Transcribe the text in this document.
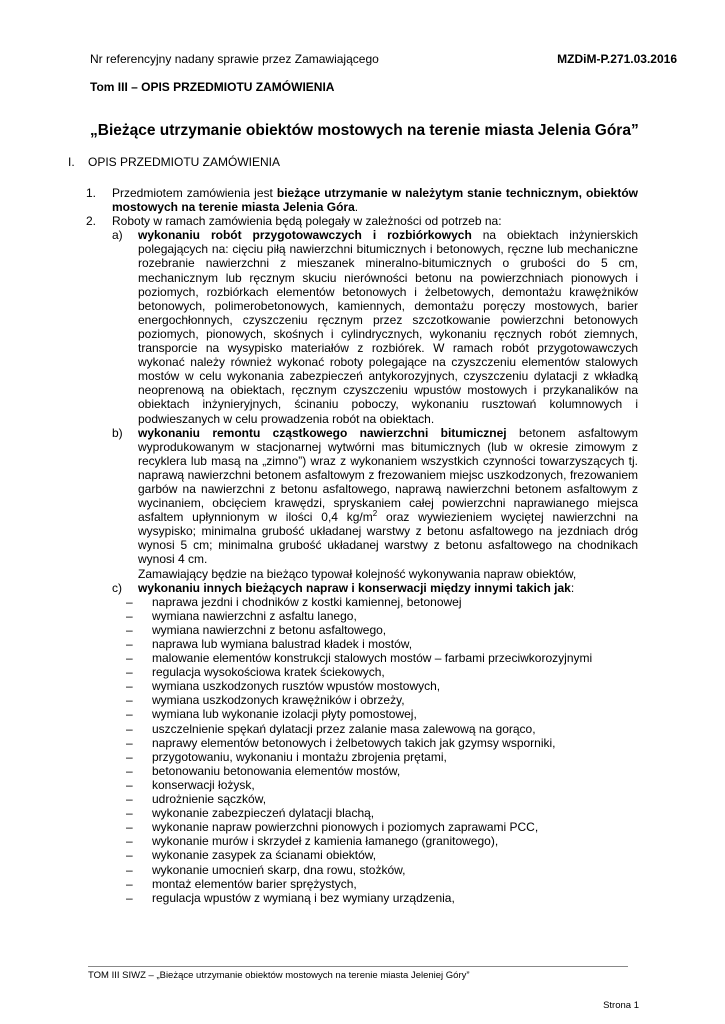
Nr referencyjny nadany sprawie przez Zamawiającego	MZDiM-P.271.03.2016
Tom III – OPIS PRZEDMIOTU ZAMÓWIENIA
„Bieżące utrzymanie obiektów mostowych na terenie miasta Jelenia Góra”
I. OPIS PRZEDMIOTU ZAMÓWIENIA
1.	Przedmiotem zamówienia jest bieżące utrzymanie w należytym stanie technicznym, obiektów mostowych na terenie miasta Jelenia Góra.
2.	Roboty w ramach zamówienia będą polegały w zależności od potrzeb na:
a)	wykonaniu robót przygotowawczych i rozbiórkowych na obiektach inżynierskich polegających na: cięciu piłą nawierzchni bitumicznych i betonowych, ręczne lub mechaniczne rozebranie nawierzchni z mieszanek mineralno-bitumicznych o grubości do 5 cm, mechanicznym lub ręcznym skuciu nierówności betonu na powierzchniach pionowych i poziomych, rozbiórkach elementów betonowych i żelbetowych, demontażu krawężników betonowych, polimerobetonowych, kamiennych, demontażu poręczy mostowych, barier energochłonnych, czyszczeniu ręcznym przez szczotkowanie powierzchni betonowych poziomych, pionowych, skośnych i cylindrycznych, wykonaniu ręcznych robót ziemnych, transporcie na wysypisko materiałów z rozbiórek. W ramach robót przygotowawczych wykonać należy również wykonać roboty polegające na czyszczeniu elementów stalowych mostów w celu wykonania zabezpieczeń antykorozyjnych, czyszczeniu dylatacji z wkładką neoprenową na obiektach, ręcznym czyszczeniu wpustów mostowych i przykanalików na obiektach inżynieryjnych, ścinaniu poboczy, wykonaniu rusztowań kolumnowych i podwieszanych w celu prowadzenia robót na obiektach.
b)	wykonaniu remontu cząstkowego nawierzchni bitumicznej betonem asfaltowym wyprodukowanym w stacjonarnej wytwórni mas bitumicznych (lub w okresie zimowym z recyklera lub masą na „zimno”) wraz z wykonaniem wszystkich czynności towarzyszących tj. naprawą nawierzchni betonem asfaltowym z frezowaniem miejsc uszkodzonych, frezowaniem garbów na nawierzchni z betonu asfaltowego, naprawą nawierzchni betonem asfaltowym z wycinaniem, obcięciem krawędzi, spryskaniem całej powierzchni naprawianego miejsca asfaltem upłynnionym w ilości 0,4 $kg/m^2$ oraz wywiezieniem wyciętej nawierzchni na wysypisko; minimalna grubość układanej warstwy z betonu asfaltowego na jezdniach dróg wynosi 5 cm; minimalna grubość układanej warstwy z betonu asfaltowego na chodnikach wynosi 4 cm.
Zamawiający będzie na bieżąco typował kolejność wykonywania napraw obiektów,
c)	wykonaniu innych bieżących napraw i konserwacji między innymi takich jak:
–	naprawa jezdni i chodników z kostki kamiennej, betonowej
–	wymiana nawierzchni z asfaltu lanego,
–	wymiana nawierzchni z betonu asfaltowego,
–	naprawa lub wymiana balustrad kładek i mostów,
–	malowanie elementów konstrukcji stalowych mostów – farbami przeciwkorozyjnymi
–	regulacja wysokościowa kratek ściekowych,
–	wymiana uszkodzonych rusztów wpustów mostowych,
–	wymiana uszkodzonych krawężników i obrzeży,
–	wymiana lub wykonanie izolacji płyty pomostowej,
–	uszczelnienie spękań dylatacji przez zalanie masa zalewową na gorąco,
–	naprawy elementów betonowych i żelbetowych takich jak gzymsy wsporniki,
–	przygotowaniu, wykonaniu i montażu zbrojenia prętami,
–	betonowaniu betonowania elementów mostów,
–	konserwacji łożysk,
–	udrożnienie sączków,
–	wykonanie zabezpieczeń dylatacji blachą,
–	wykonanie napraw powierzchni pionowych i poziomych zaprawami PCC,
–	wykonanie murów i skrzydeł z kamienia łamanego (granitowego),
–	wykonanie zasypek za ścianami obiektów,
–	wykonanie umocnień skarp, dna rowu, stożków,
–	montaż elementów barier sprężystych,
–	regulacja wpustów z wymianą i bez wymiany urządzenia,
TOM III SIWZ – „Bieżące utrzymanie obiektów mostowych na terenie miasta Jeleniej Góry”
Strona 1
